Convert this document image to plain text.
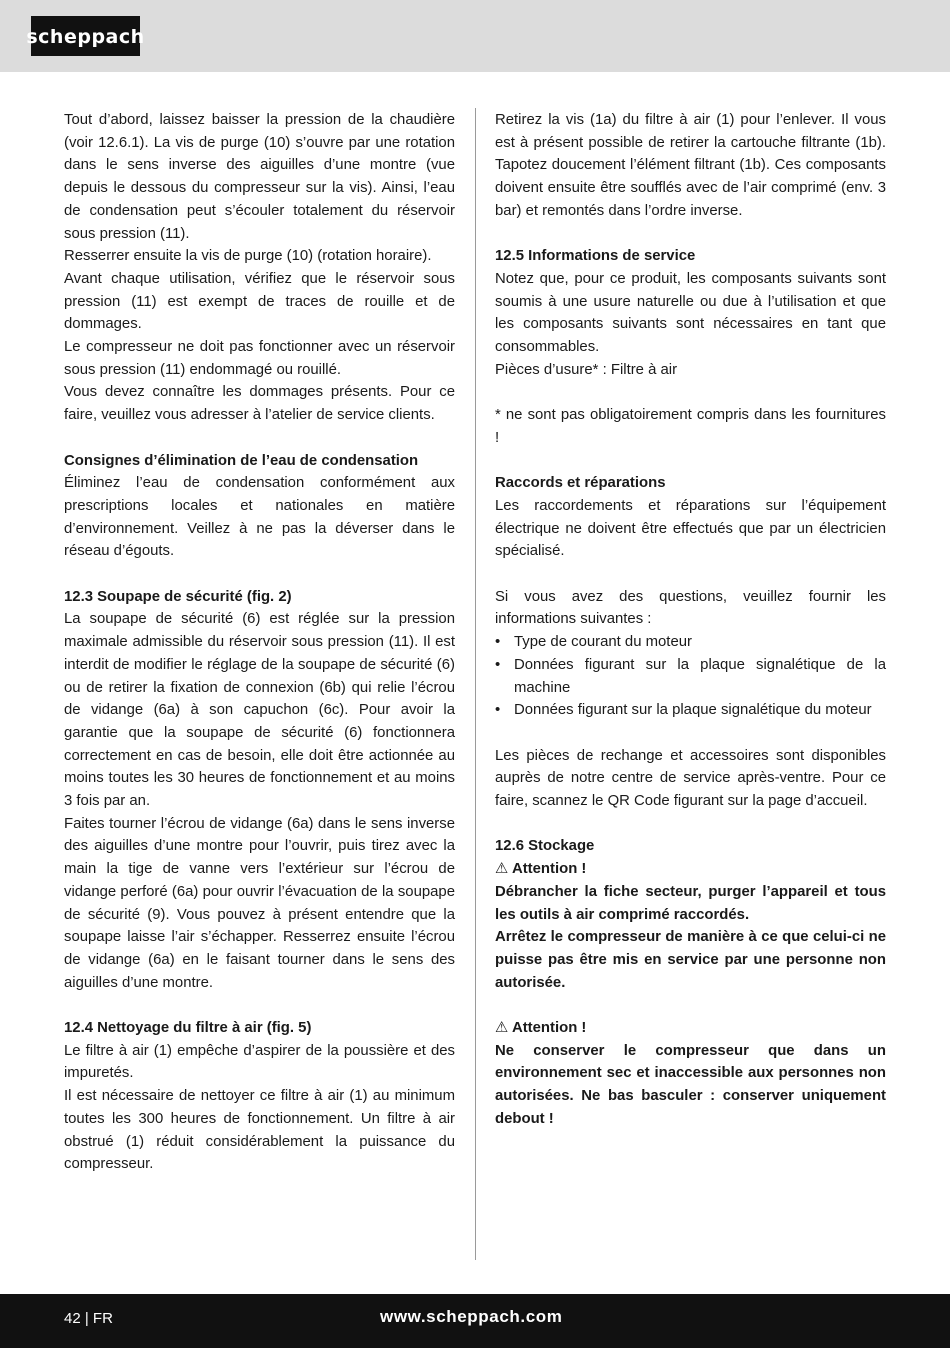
scheppach

Tout d’abord, laissez baisser la pression de la chaudière (voir 12.6.1). La vis de purge (10) s’ouvre par une rotation dans le sens inverse des aiguilles d’une montre (vue depuis le dessous du compresseur sur la vis). Ainsi, l’eau de condensation peut s’écouler totalement du réservoir sous pression (11).

Resserrer ensuite la vis de purge (10) (rotation horaire).

Avant chaque utilisation, vérifiez que le réservoir sous pression (11) est exempt de traces de rouille et de dommages.

Le compresseur ne doit pas fonctionner avec un réservoir sous pression (11) endommagé ou rouillé.

Vous devez connaître les dommages présents. Pour ce faire, veuillez vous adresser à l’atelier de service clients.

Consignes d’élimination de l’eau de condensation

Éliminez l’eau de condensation conformément aux prescriptions locales et nationales en matière d’environnement. Veillez à ne pas la déverser dans le réseau d’égouts.

12.3 Soupape de sécurité (fig. 2)

La soupape de sécurité (6) est réglée sur la pression maximale admissible du réservoir sous pression (11). Il est interdit de modifier le réglage de la soupape de sécurité (6) ou de retirer la fixation de connexion (6b) qui relie l’écrou de vidange (6a) à son capuchon (6c). Pour avoir la garantie que la soupape de sécurité (6) fonctionnera correctement en cas de besoin, elle doit être actionnée au moins toutes les 30 heures de fonctionnement et au moins 3 fois par an.

Faites tourner l’écrou de vidange (6a) dans le sens inverse des aiguilles d’une montre pour l’ouvrir, puis tirez avec la main la tige de vanne vers l’extérieur sur l’écrou de vidange perforé (6a) pour ouvrir l’évacuation de la soupape de sécurité (9). Vous pouvez à présent entendre que la soupape laisse l’air s’échapper. Resserrez ensuite l’écrou de vidange (6a) en le faisant tourner dans le sens des aiguilles d’une montre.

12.4 Nettoyage du filtre à air (fig. 5)

Le filtre à air (1) empêche d’aspirer de la poussière et des impuretés.

Il est nécessaire de nettoyer ce filtre à air (1) au minimum toutes les 300 heures de fonctionnement. Un filtre à air obstrué (1) réduit considérablement la puissance du compresseur.

Retirez la vis (1a) du filtre à air (1) pour l’enlever. Il vous est à présent possible de retirer la cartouche filtrante (1b). Tapotez doucement l’élément filtrant (1b). Ces composants doivent ensuite être soufflés avec de l’air comprimé (env. 3 bar) et remontés dans l’ordre inverse.

12.5 Informations de service

Notez que, pour ce produit, les composants suivants sont soumis à une usure naturelle ou due à l’utilisation et que les composants suivants sont nécessaires en tant que consommables.

Pièces d’usure* : Filtre à air

* ne sont pas obligatoirement compris dans les fournitures !

Raccords et réparations

Les raccordements et réparations sur l’équipement électrique ne doivent être effectués que par un électricien spécialisé.

Si vous avez des questions, veuillez fournir les informations suivantes :

• Type de courant du moteur
• Données figurant sur la plaque signalétique de la machine
• Données figurant sur la plaque signalétique du moteur

Les pièces de rechange et accessoires sont disponibles auprès de notre centre de service après-ventre. Pour ce faire, scannez le QR Code figurant sur la page d’accueil.

12.6 Stockage

⚠ Attention !

Débrancher la fiche secteur, purger l’appareil et tous les outils à air comprimé raccordés.

Arrêtez le compresseur de manière à ce que celui-ci ne puisse pas être mis en service par une personne non autorisée.

⚠ Attention !

Ne conserver le compresseur que dans un environnement sec et inaccessible aux personnes non autorisées. Ne bas basculer : conserver uniquement debout !

42 | FR	www.scheppach.com
